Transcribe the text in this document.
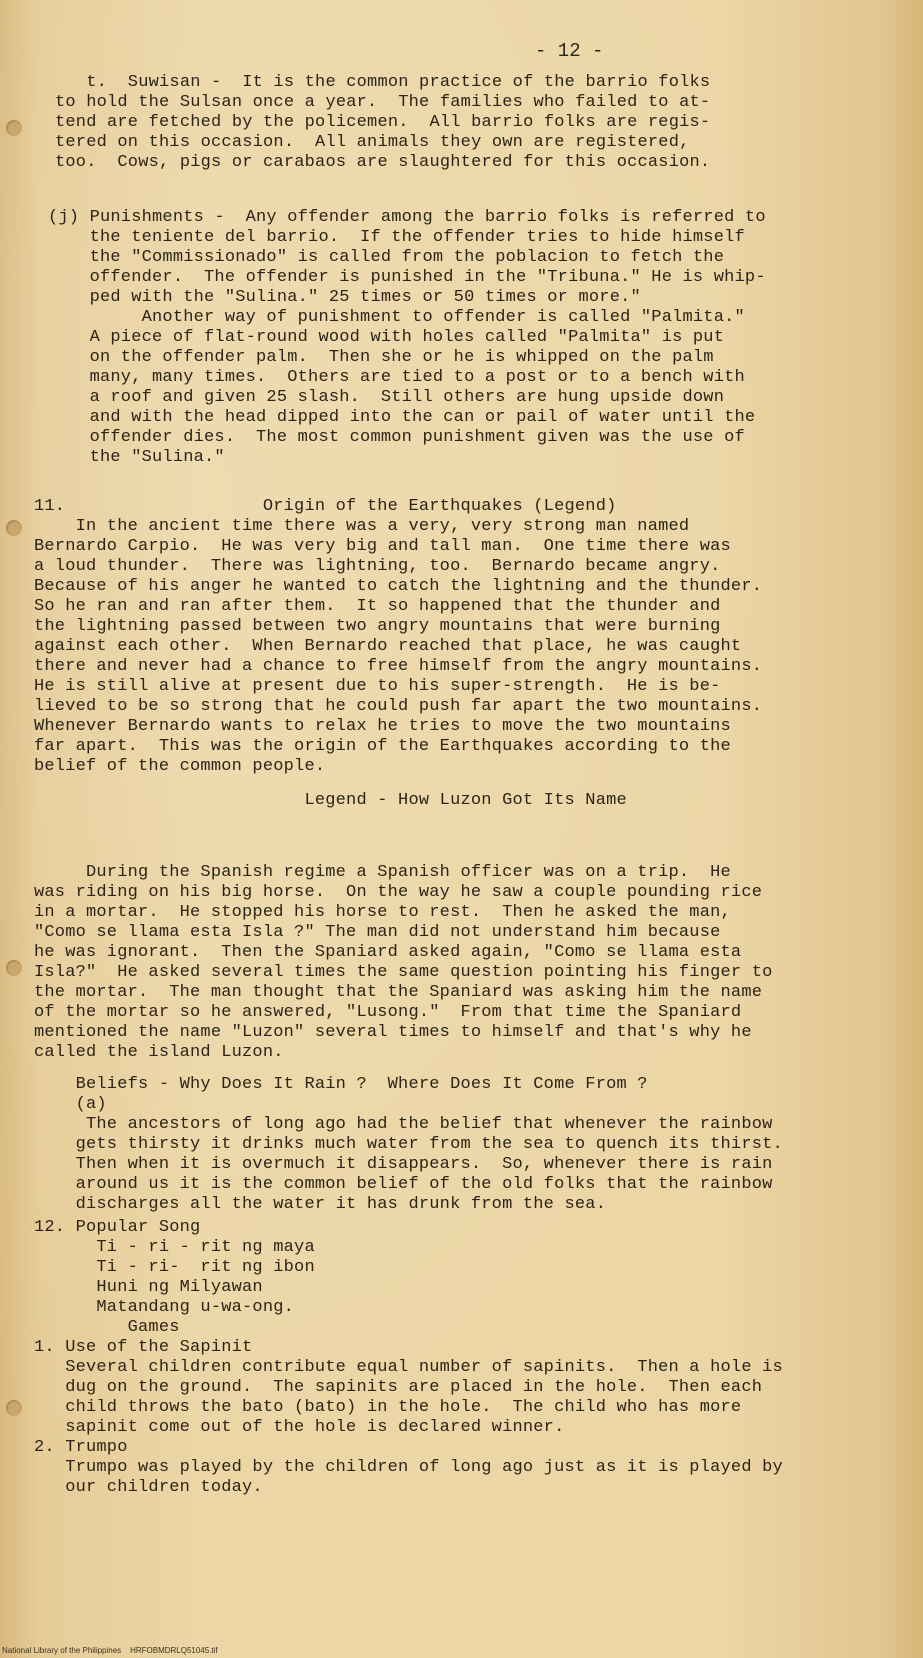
- 12 -
t.  Suwisan -  It is the common practice of the barrio folks
to hold the Sulsan once a year.  The families who failed to at-
tend are fetched by the policemen.  All barrio folks are regis-
tered on this occasion.  All animals they own are registered,
too.  Cows, pigs or carabaos are slaughtered for this occasion.
(j) Punishments -  Any offender among the barrio folks is referred to
the teniente del barrio.  If the offender tries to hide himself
the "Commissionado" is called from the poblacion to fetch the
offender.  The offender is punished in the "Tribuna." He is whip-
ped with the "Sulina." 25 times or 50 times or more."
Another way of punishment to offender is called "Palmita."
A piece of flat-round wood with holes called "Palmita" is put
on the offender palm.  Then she or he is whipped on the palm
many, many times.  Others are tied to a post or to a bench with
a roof and given 25 slash.  Still others are hung upside down
and with the head dipped into the can or pail of water until the
offender dies.  The most common punishment given was the use of
the "Sulina."
11.                   Origin of the Earthquakes (Legend)
In the ancient time there was a very, very strong man named
Bernardo Carpio.  He was very big and tall man.  One time there was
a loud thunder.  There was lightning, too.  Bernardo became angry.
Because of his anger he wanted to catch the lightning and the thunder.
So he ran and ran after them.  It so happened that the thunder and
the lightning passed between two angry mountains that were burning
against each other.  When Bernardo reached that place, he was caught
there and never had a chance to free himself from the angry mountains.
He is still alive at present due to his super-strength.  He is be-
lieved to be so strong that he could push far apart the two mountains.
Whenever Bernardo wants to relax he tries to move the two mountains
far apart.  This was the origin of the Earthquakes according to the
belief of the common people.
Legend - How Luzon Got Its Name
During the Spanish regime a Spanish officer was on a trip.  He
was riding on his big horse.  On the way he saw a couple pounding rice
in a mortar.  He stopped his horse to rest.  Then he asked the man,
"Como se llama esta Isla ?" The man did not understand him because
he was ignorant.  Then the Spaniard asked again, "Como se llama esta
Isla?"  He asked several times the same question pointing his finger to
the mortar.  The man thought that the Spaniard was asking him the name
of the mortar so he answered, "Lusong."  From that time the Spaniard
mentioned the name "Luzon" several times to himself and that's why he
called the island Luzon.
Beliefs - Why Does It Rain ?  Where Does It Come From ?
(a)
The ancestors of long ago had the belief that whenever the rainbow
gets thirsty it drinks much water from the sea to quench its thirst.
Then when it is overmuch it disappears.  So, whenever there is rain
around us it is the common belief of the old folks that the rainbow
discharges all the water it has drunk from the sea.
12. Popular Song
Ti - ri - rit ng maya
Ti - ri-  rit ng ibon
Huni ng Milyawan
Matandang u-wa-ong.
Games
1. Use of the Sapinit
Several children contribute equal number of sapinits.  Then a hole is
dug on the ground.  The sapinits are placed in the hole.  Then each
child throws the bato (bato) in the hole.  The child who has more
sapinit come out of the hole is declared winner.
2. Trumpo
Trumpo was played by the children of long ago just as it is played by
our children today.
National Library of the Philippines    HRFOBMDRLQ51045.tif
